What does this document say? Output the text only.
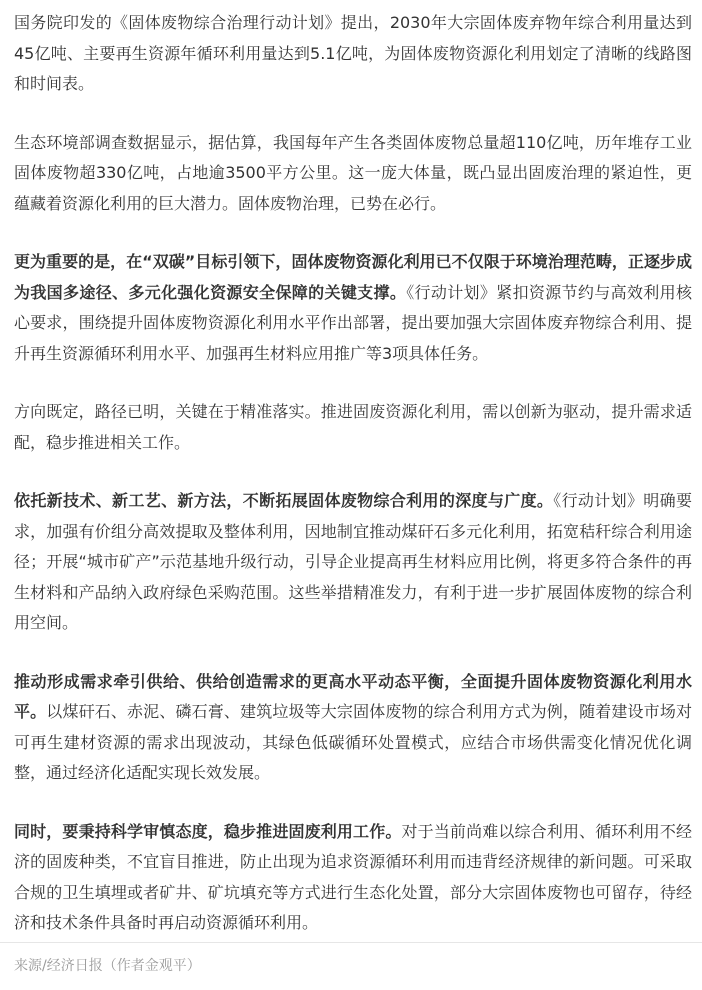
国务院印发的《固体废物综合治理行动计划》提出，2030年大宗固体废弃物年综合利用量达到45亿吨、主要再生资源年循环利用量达到5.1亿吨，为固体废物资源化利用划定了清晰的线路图和时间表。

生态环境部调查数据显示，据估算，我国每年产生各类固体废物总量超110亿吨，历年堆存工业固体废物超330亿吨，占地逾3500平方公里。这一庞大体量，既凸显出固废治理的紧迫性，更蕴藏着资源化利用的巨大潜力。固体废物治理，已势在必行。

更为重要的是，在“双碳”目标引领下，固体废物资源化利用已不仅限于环境治理范畴，正逐步成为我国多途径、多元化强化资源安全保障的关键支撑。《行动计划》紧扣资源节约与高效利用核心要求，围绕提升固体废物资源化利用水平作出部署，提出要加强大宗固体废弃物综合利用、提升再生资源循环利用水平、加强再生材料应用推广等3项具体任务。

方向既定，路径已明，关键在于精准落实。推进固废资源化利用，需以创新为驱动，提升需求适配，稳步推进相关工作。

依托新技术、新工艺、新方法，不断拓展固体废物综合利用的深度与广度。《行动计划》明确要求，加强有价组分高效提取及整体利用，因地制宜推动煤矸石多元化利用，拓宽秸秆综合利用途径；开展“城市矿产”示范基地升级行动，引导企业提高再生材料应用比例，将更多符合条件的再生材料和产品纳入政府绿色采购范围。这些举措精准发力，有利于进一步扩展固体废物的综合利用空间。

推动形成需求牵引供给、供给创造需求的更高水平动态平衡，全面提升固体废物资源化利用水平。以煤矸石、赤泥、磷石膏、建筑垃圾等大宗固体废物的综合利用方式为例，随着建设市场对可再生建材资源的需求出现波动，其绿色低碳循环处置模式，应结合市场供需变化情况优化调整，通过经济化适配实现长效发展。

同时，要秉持科学审慎态度，稳步推进固废利用工作。对于当前尚难以综合利用、循环利用不经济的固废种类，不宜盲目推进，防止出现为追求资源循环利用而违背经济规律的新问题。可采取合规的卫生填埋或者矿井、矿坑填充等方式进行生态化处置，部分大宗固体废物也可留存，待经济和技术条件具备时再启动资源循环利用。

来源/经济日报（作者金观平）
